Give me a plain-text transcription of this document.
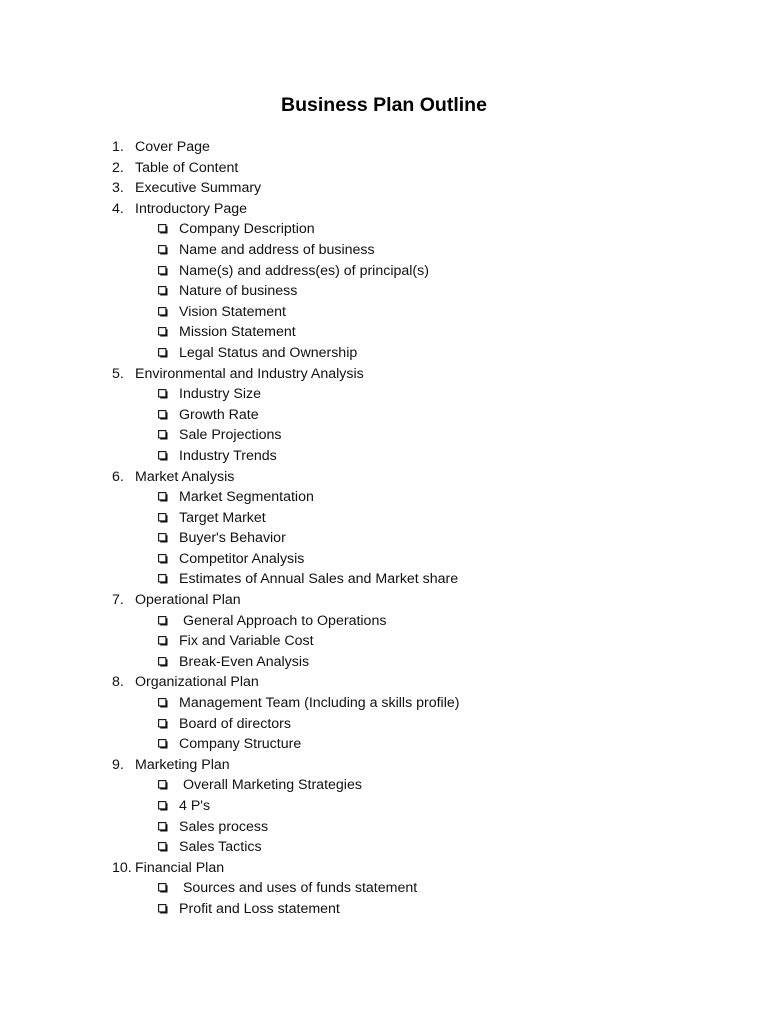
Business Plan Outline
1. Cover Page
2. Table of Content
3. Executive Summary
4. Introductory Page
Company Description
Name and address of business
Name(s) and address(es) of principal(s)
Nature of business
Vision Statement
Mission Statement
Legal Status and Ownership
5. Environmental and Industry Analysis
Industry Size
Growth Rate
Sale Projections
Industry Trends
6. Market Analysis
Market Segmentation
Target Market
Buyer's Behavior
Competitor Analysis
Estimates of Annual Sales and Market share
7. Operational Plan
General Approach to Operations
Fix and Variable Cost
Break-Even Analysis
8. Organizational Plan
Management Team (Including a skills profile)
Board of directors
Company Structure
9. Marketing Plan
Overall Marketing Strategies
4 P's
Sales process
Sales Tactics
10. Financial Plan
Sources and uses of funds statement
Profit and Loss statement
